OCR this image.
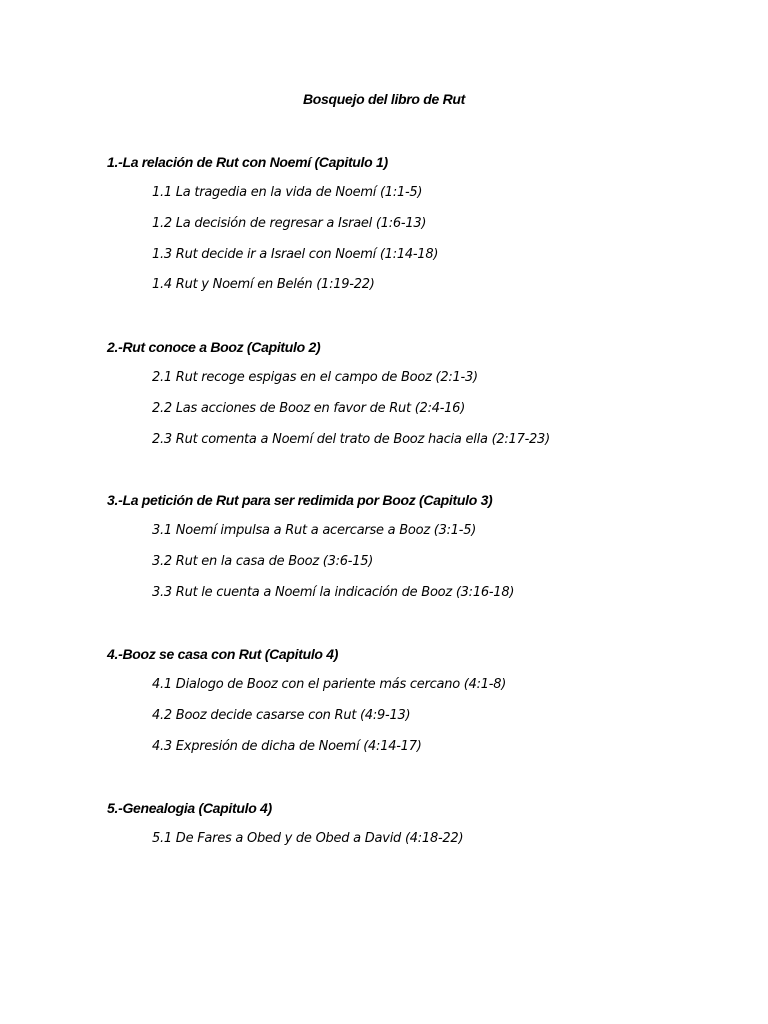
Bosquejo del libro de Rut
1.-La relación de Rut con Noemí (Capitulo 1)
1.1 La tragedia en la vida de Noemí (1:1-5)
1.2 La decisión de regresar a Israel (1:6-13)
1.3 Rut decide ir a Israel con Noemí (1:14-18)
1.4 Rut y Noemí en Belén (1:19-22)
2.-Rut conoce a Booz (Capitulo 2)
2.1 Rut recoge espigas en el campo de Booz (2:1-3)
2.2 Las acciones de Booz en favor de Rut (2:4-16)
2.3 Rut comenta a Noemí del trato de Booz hacia ella (2:17-23)
3.-La petición de Rut para ser redimida por Booz (Capitulo 3)
3.1 Noemí impulsa a Rut a acercarse a Booz (3:1-5)
3.2 Rut en la casa de Booz (3:6-15)
3.3 Rut le cuenta a Noemí la indicación de Booz (3:16-18)
4.-Booz se casa con Rut (Capitulo 4)
4.1 Dialogo de Booz con el pariente más cercano (4:1-8)
4.2 Booz decide casarse con Rut (4:9-13)
4.3 Expresión de dicha de Noemí (4:14-17)
5.-Genealogia (Capitulo 4)
5.1 De Fares a Obed y de Obed a David (4:18-22)
